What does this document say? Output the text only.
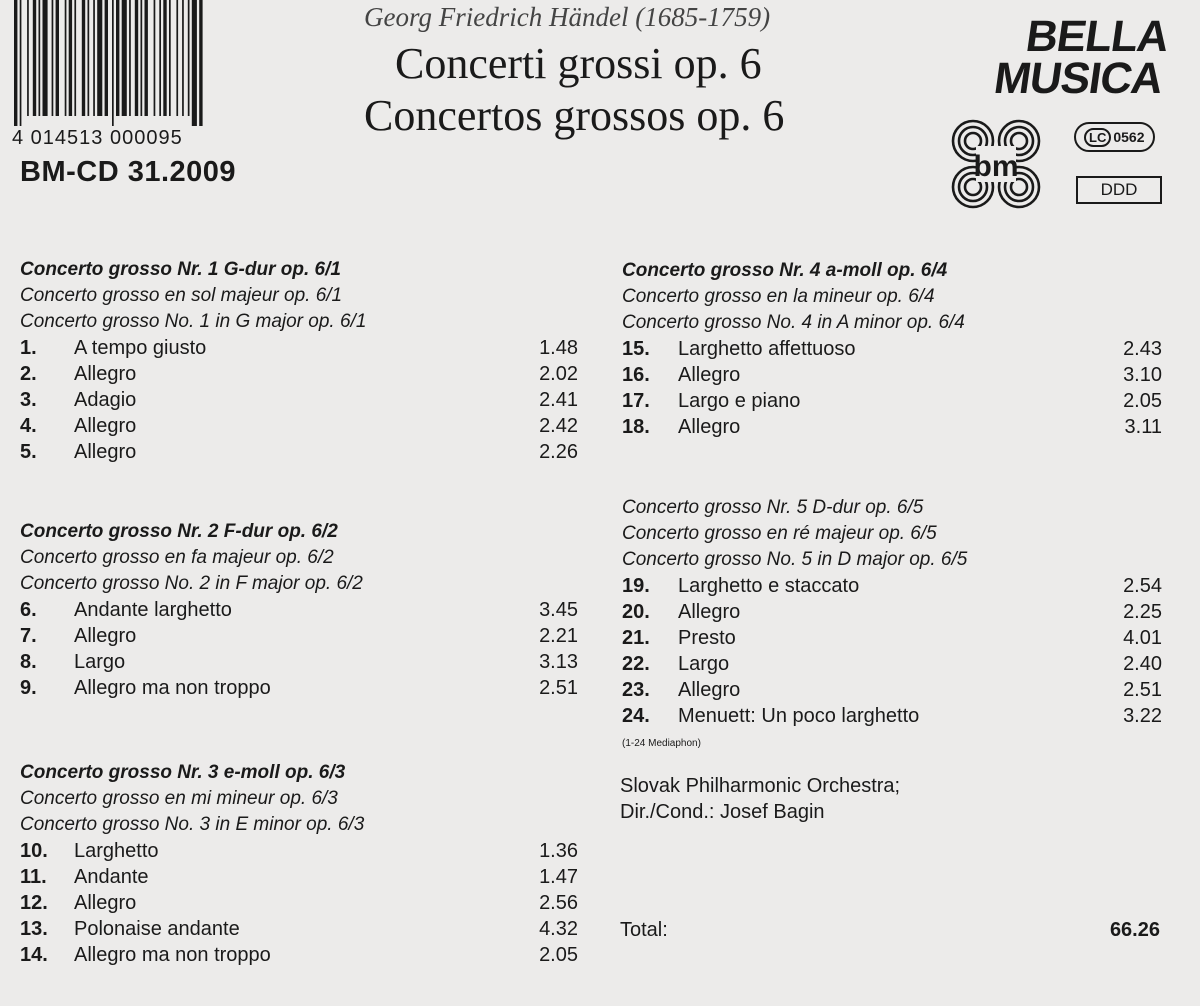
4 014513 000095
BM-CD 31.2009
Georg Friedrich Händel (1685-1759)
Concerti grossi op. 6
Concertos grossos op. 6
BELLA
MUSICA
bm
LC 0562
DDD
Concerto grosso Nr. 1 G-dur op. 6/1
Concerto grosso en sol majeur op. 6/1
Concerto grosso No. 1 in G major op. 6/1
1. A tempo giusto	1.48
2. Allegro	2.02
3. Adagio	2.41
4. Allegro	2.42
5. Allegro	2.26
Concerto grosso Nr. 2 F-dur op. 6/2
Concerto grosso en fa majeur op. 6/2
Concerto grosso No. 2 in F major op. 6/2
6. Andante larghetto	3.45
7. Allegro	2.21
8. Largo	3.13
9. Allegro ma non troppo	2.51
Concerto grosso Nr. 3 e-moll op. 6/3
Concerto grosso en mi mineur op. 6/3
Concerto grosso No. 3 in E minor op. 6/3
10. Larghetto	1.36
11. Andante	1.47
12. Allegro	2.56
13. Polonaise andante	4.32
14. Allegro ma non troppo	2.05
Concerto grosso Nr. 4 a-moll op. 6/4
Concerto grosso en la mineur op. 6/4
Concerto grosso No. 4 in A minor op. 6/4
15. Larghetto affettuoso	2.43
16. Allegro	3.10
17. Largo e piano	2.05
18. Allegro	3.11
Concerto grosso Nr. 5 D-dur op. 6/5
Concerto grosso en ré majeur op. 6/5
Concerto grosso No. 5 in D major op. 6/5
19. Larghetto e staccato	2.54
20. Allegro	2.25
21. Presto	4.01
22. Largo	2.40
23. Allegro	2.51
24. Menuett: Un poco larghetto	3.22
(1-24 Mediaphon)
Slovak Philharmonic Orchestra;
Dir./Cond.: Josef Bagin
Total:	66.26
